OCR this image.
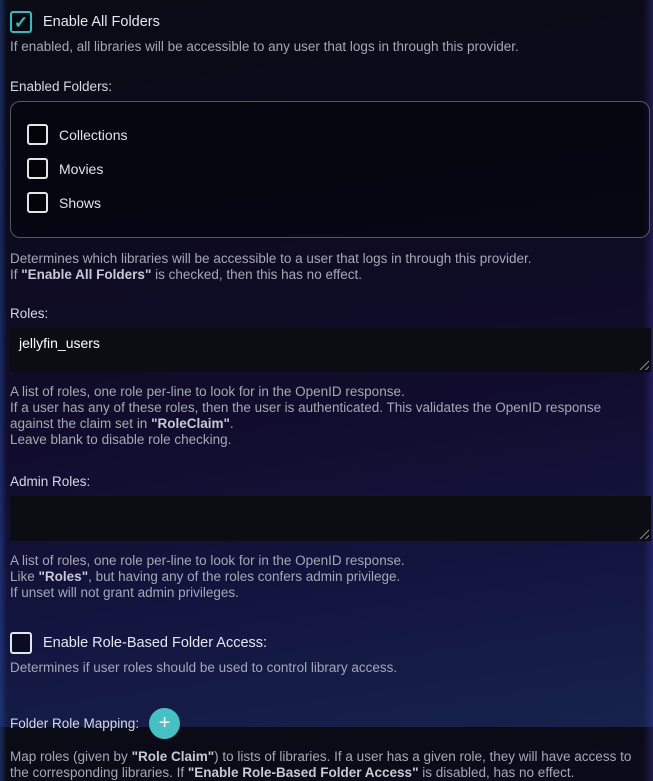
✓
Enable All Folders
If enabled, all libraries will be accessible to any user that logs in through this provider.
Enabled Folders:
Collections
Movies
Shows
Determines which libraries will be accessible to a user that logs in through this provider.
If "Enable All Folders" is checked, then this has no effect.
Roles:
jellyfin_users
A list of roles, one role per-line to look for in the OpenID response.
If a user has any of these roles, then the user is authenticated. This validates the OpenID response against the claim set in "RoleClaim".
Leave blank to disable role checking.
Admin Roles:
A list of roles, one role per-line to look for in the OpenID response.
Like "Roles", but having any of the roles confers admin privilege.
If unset will not grant admin privileges.
Enable Role-Based Folder Access:
Determines if user roles should be used to control library access.
Folder Role Mapping: +
Map roles (given by "Role Claim") to lists of libraries. If a user has a given role, they will have access to the corresponding libraries. If "Enable Role-Based Folder Access" is disabled, has no effect.
